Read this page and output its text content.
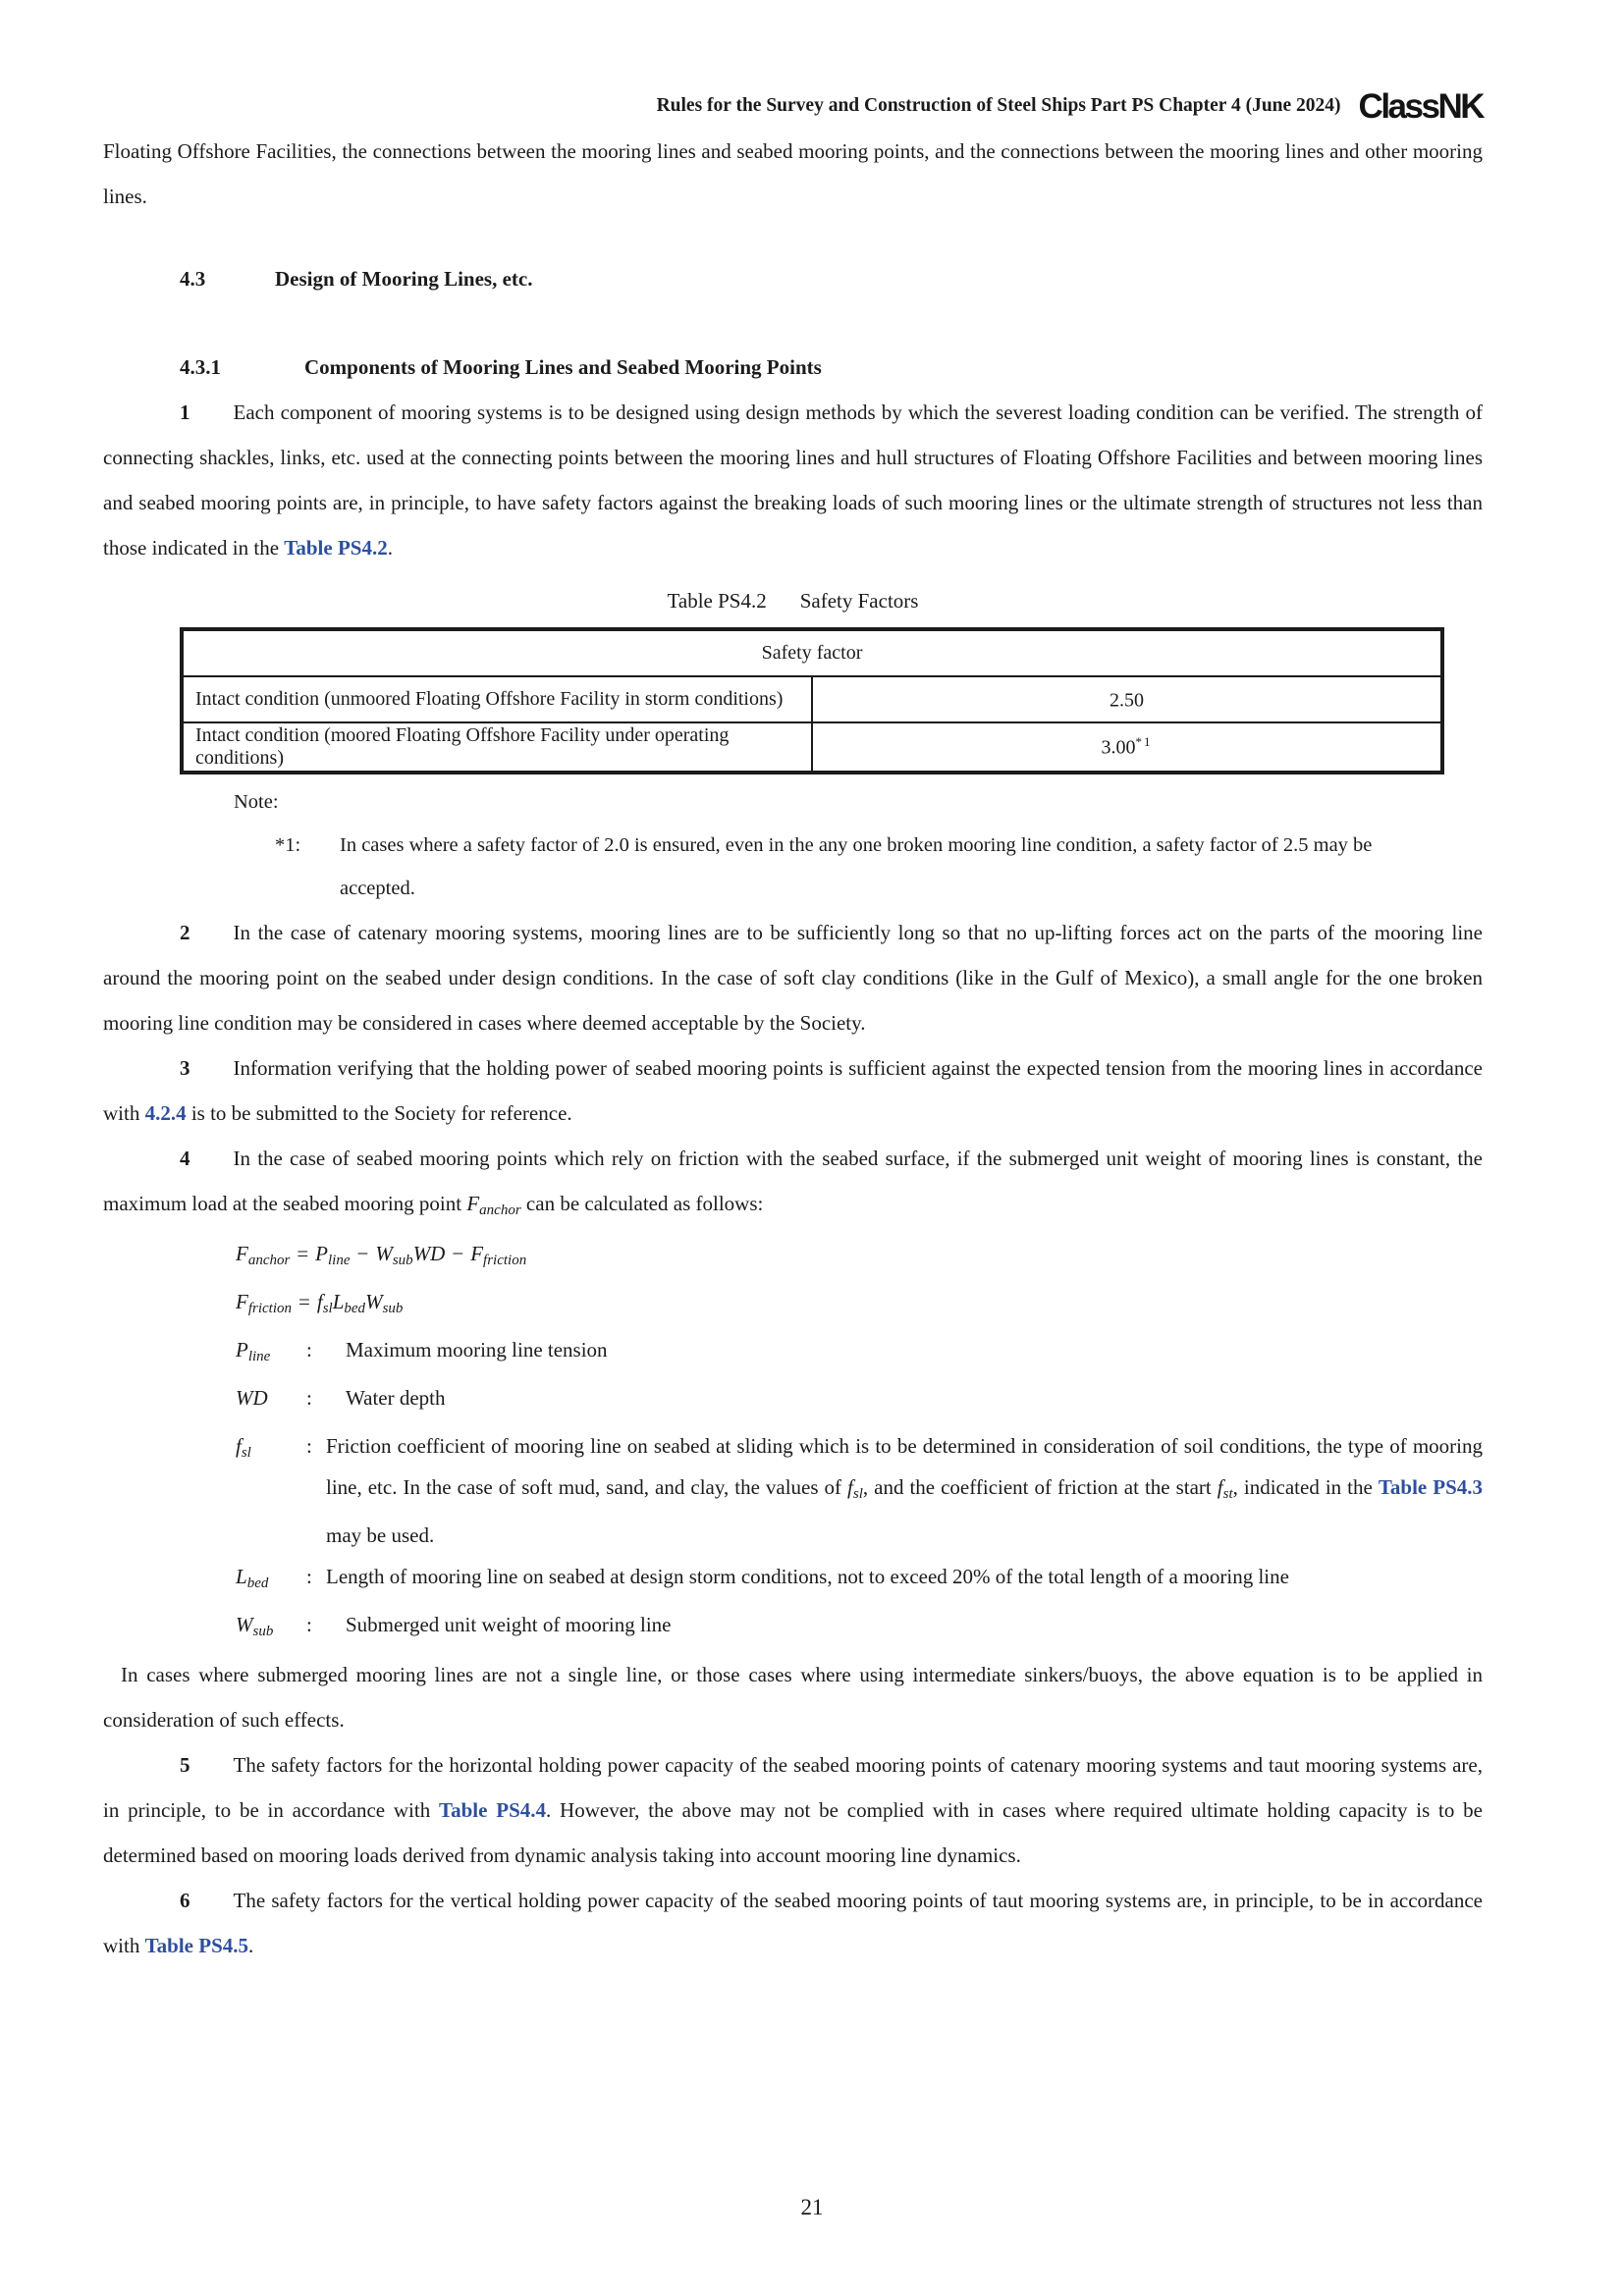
Rules for the Survey and Construction of Steel Ships Part PS Chapter 4 (June 2024) ClassNK

Floating Offshore Facilities, the connections between the mooring lines and seabed mooring points, and the connections between the mooring lines and other mooring lines.

4.3	Design of Mooring Lines, etc.

4.3.1	Components of Mooring Lines and Seabed Mooring Points

1 Each component of mooring systems is to be designed using design methods by which the severest loading condition can be verified. The strength of connecting shackles, links, etc. used at the connecting points between the mooring lines and hull structures of Floating Offshore Facilities and between mooring lines and seabed mooring points are, in principle, to have safety factors against the breaking loads of such mooring lines or the ultimate strength of structures not less than those indicated in the Table PS4.2.

Table PS4.2 Safety Factors
Safety factor	
Intact condition (unmoored Floating Offshore Facility in storm conditions)	2.50
Intact condition (moored Floating Offshore Facility under operating conditions)	3.00$^{*1}$
Note:
*1:	In cases where a safety factor of 2.0 is ensured, even in the any one broken mooring line condition, a safety factor of 2.5 may be accepted.

2 In the case of catenary mooring systems, mooring lines are to be sufficiently long so that no up-lifting forces act on the parts of the mooring line around the mooring point on the seabed under design conditions. In the case of soft clay conditions (like in the Gulf of Mexico), a small angle for the one broken mooring line condition may be considered in cases where deemed acceptable by the Society.

3 Information verifying that the holding power of seabed mooring points is sufficient against the expected tension from the mooring lines in accordance with 4.2.4 is to be submitted to the Society for reference.

4 In the case of seabed mooring points which rely on friction with the seabed surface, if the submerged unit weight of mooring lines is constant, the maximum load at the seabed mooring point Fanchor can be calculated as follows:

Fanchor = Pline − WsubWD − Ffriction
Ffriction = fslLbedWsub
Pline	:	Maximum mooring line tension
WD	:	Water depth
fsl	: Friction coefficient of mooring line on seabed at sliding which is to be determined in consideration of soil conditions, the type of mooring line, etc. In the case of soft mud, sand, and clay, the values of fsl, and the coefficient of friction at the start fst, indicated in the Table PS4.3 may be used.
Lbed	: Length of mooring line on seabed at design storm conditions, not to exceed 20% of the total length of a mooring line
Wsub	:	Submerged unit weight of mooring line

In cases where submerged mooring lines are not a single line, or those cases where using intermediate sinkers/buoys, the above equation is to be applied in consideration of such effects.

5 The safety factors for the horizontal holding power capacity of the seabed mooring points of catenary mooring systems and taut mooring systems are, in principle, to be in accordance with Table PS4.4. However, the above may not be complied with in cases where required ultimate holding capacity is to be determined based on mooring loads derived from dynamic analysis taking into account mooring line dynamics.

6 The safety factors for the vertical holding power capacity of the seabed mooring points of taut mooring systems are, in principle, to be in accordance with Table PS4.5.

21
